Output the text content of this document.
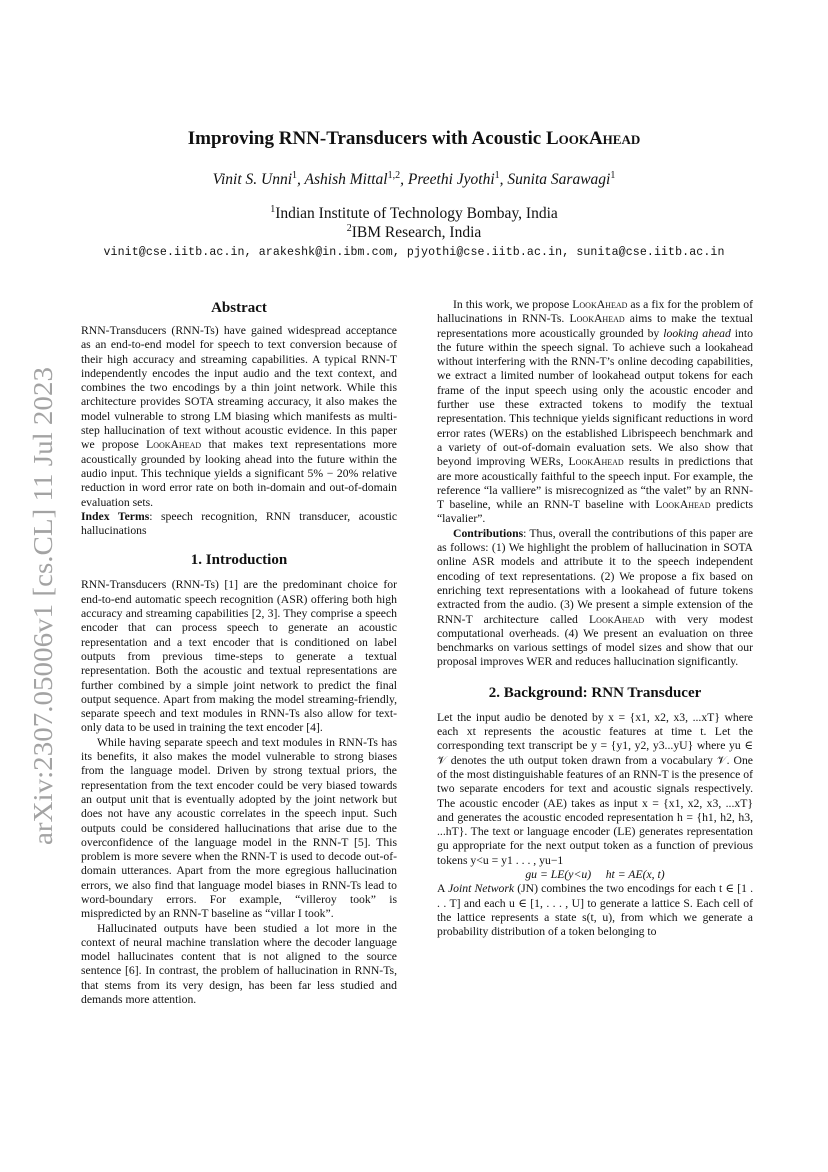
Improving RNN-Transducers with Acoustic LookAhead
Vinit S. Unni$^1$, Ashish Mittal$^{1,2}$, Preethi Jyothi$^1$, Sunita Sarawagi$^1$
$^1$Indian Institute of Technology Bombay, India
$^2$IBM Research, India
vinit@cse.iitb.ac.in, arakeshk@in.ibm.com, pjyothi@cse.iitb.ac.in, sunita@cse.iitb.ac.in
arXiv:2307.05006v1 [cs.CL] 11 Jul 2023

Abstract

RNN-Transducers (RNN-Ts) have gained widespread acceptance as an end-to-end model for speech to text conversion because of their high accuracy and streaming capabilities. A typical RNN-T independently encodes the input audio and the text context, and combines the two encodings by a thin joint network. While this architecture provides SOTA streaming accuracy, it also makes the model vulnerable to strong LM biasing which manifests as multi-step hallucination of text without acoustic evidence. In this paper we propose LookAhead that makes text representations more acoustically grounded by looking ahead into the future within the audio input. This technique yields a significant 5% − 20% relative reduction in word error rate on both in-domain and out-of-domain evaluation sets.

Index Terms: speech recognition, RNN transducer, acoustic hallucinations

1. Introduction

RNN-Transducers (RNN-Ts) [1] are the predominant choice for end-to-end automatic speech recognition (ASR) offering both high accuracy and streaming capabilities [2, 3]. They comprise a speech encoder that can process speech to generate an acoustic representation and a text encoder that is conditioned on label outputs from previous time-steps to generate a textual representation. Both the acoustic and textual representations are further combined by a simple joint network to predict the final output sequence. Apart from making the model streaming-friendly, separate speech and text modules in RNN-Ts also allow for text-only data to be used in training the text encoder [4].

While having separate speech and text modules in RNN-Ts has its benefits, it also makes the model vulnerable to strong biases from the language model. Driven by strong textual priors, the representation from the text encoder could be very biased towards an output unit that is eventually adopted by the joint network but does not have any acoustic correlates in the speech input. Such outputs could be considered hallucinations that arise due to the overconfidence of the language model in the RNN-T [5]. This problem is more severe when the RNN-T is used to decode out-of-domain utterances. Apart from the more egregious hallucination errors, we also find that language model biases in RNN-Ts lead to word-boundary errors. For example, “villeroy took” is mispredicted by an RNN-T baseline as “villar I took”.

Hallucinated outputs have been studied a lot more in the context of neural machine translation where the decoder language model hallucinates content that is not aligned to the source sentence [6]. In contrast, the problem of hallucination in RNN-Ts, that stems from its very design, has been far less studied and demands more attention.

In this work, we propose LookAhead as a fix for the problem of hallucinations in RNN-Ts. LookAhead aims to make the textual representations more acoustically grounded by looking ahead into the future within the speech signal. To achieve such a lookahead without interfering with the RNN-T’s online decoding capabilities, we extract a limited number of lookahead output tokens for each frame of the input speech using only the acoustic encoder and further use these extracted tokens to modify the textual representation. This technique yields significant reductions in word error rates (WERs) on the established Librispeech benchmark and a variety of out-of-domain evaluation sets. We also show that beyond improving WERs, LookAhead results in predictions that are more acoustically faithful to the speech input. For example, the reference “la valliere” is misrecognized as “the valet” by an RNN-T baseline, while an RNN-T baseline with LookAhead predicts “lavalier”.

Contributions: Thus, overall the contributions of this paper are as follows: (1) We highlight the problem of hallucination in SOTA online ASR models and attribute it to the speech independent encoding of text representations. (2) We propose a fix based on enriching text representations with a lookahead of future tokens extracted from the audio. (3) We present a simple extension of the RNN-T architecture called LookAhead with very modest computational overheads. (4) We present an evaluation on three benchmarks on various settings of model sizes and show that our proposal improves WER and reduces hallucination significantly.

2. Background: RNN Transducer

Let the input audio be denoted by x = {x1, x2, x3, ...xT} where each xt represents the acoustic features at time t. Let the corresponding text transcript be y = {y1, y2, y3...yU} where yu ∈ 𝒱 denotes the uth output token drawn from a vocabulary 𝒱. One of the most distinguishable features of an RNN-T is the presence of two separate encoders for text and acoustic signals respectively. The acoustic encoder (AE) takes as input x = {x1, x2, x3, ...xT} and generates the acoustic encoded representation h = {h1, h2, h3, ...hT}. The text or language encoder (LE) generates representation gu appropriate for the next output token as a function of previous tokens y<u = y1 . . . , yu−1

gu = LE(y<u)     ht = AE(x, t)

A Joint Network (JN) combines the two encodings for each t ∈ [1 . . . T] and each u ∈ [1, . . . , U] to generate a lattice S. Each cell of the lattice represents a state s(t, u), from which we generate a probability distribution of a token belonging to
